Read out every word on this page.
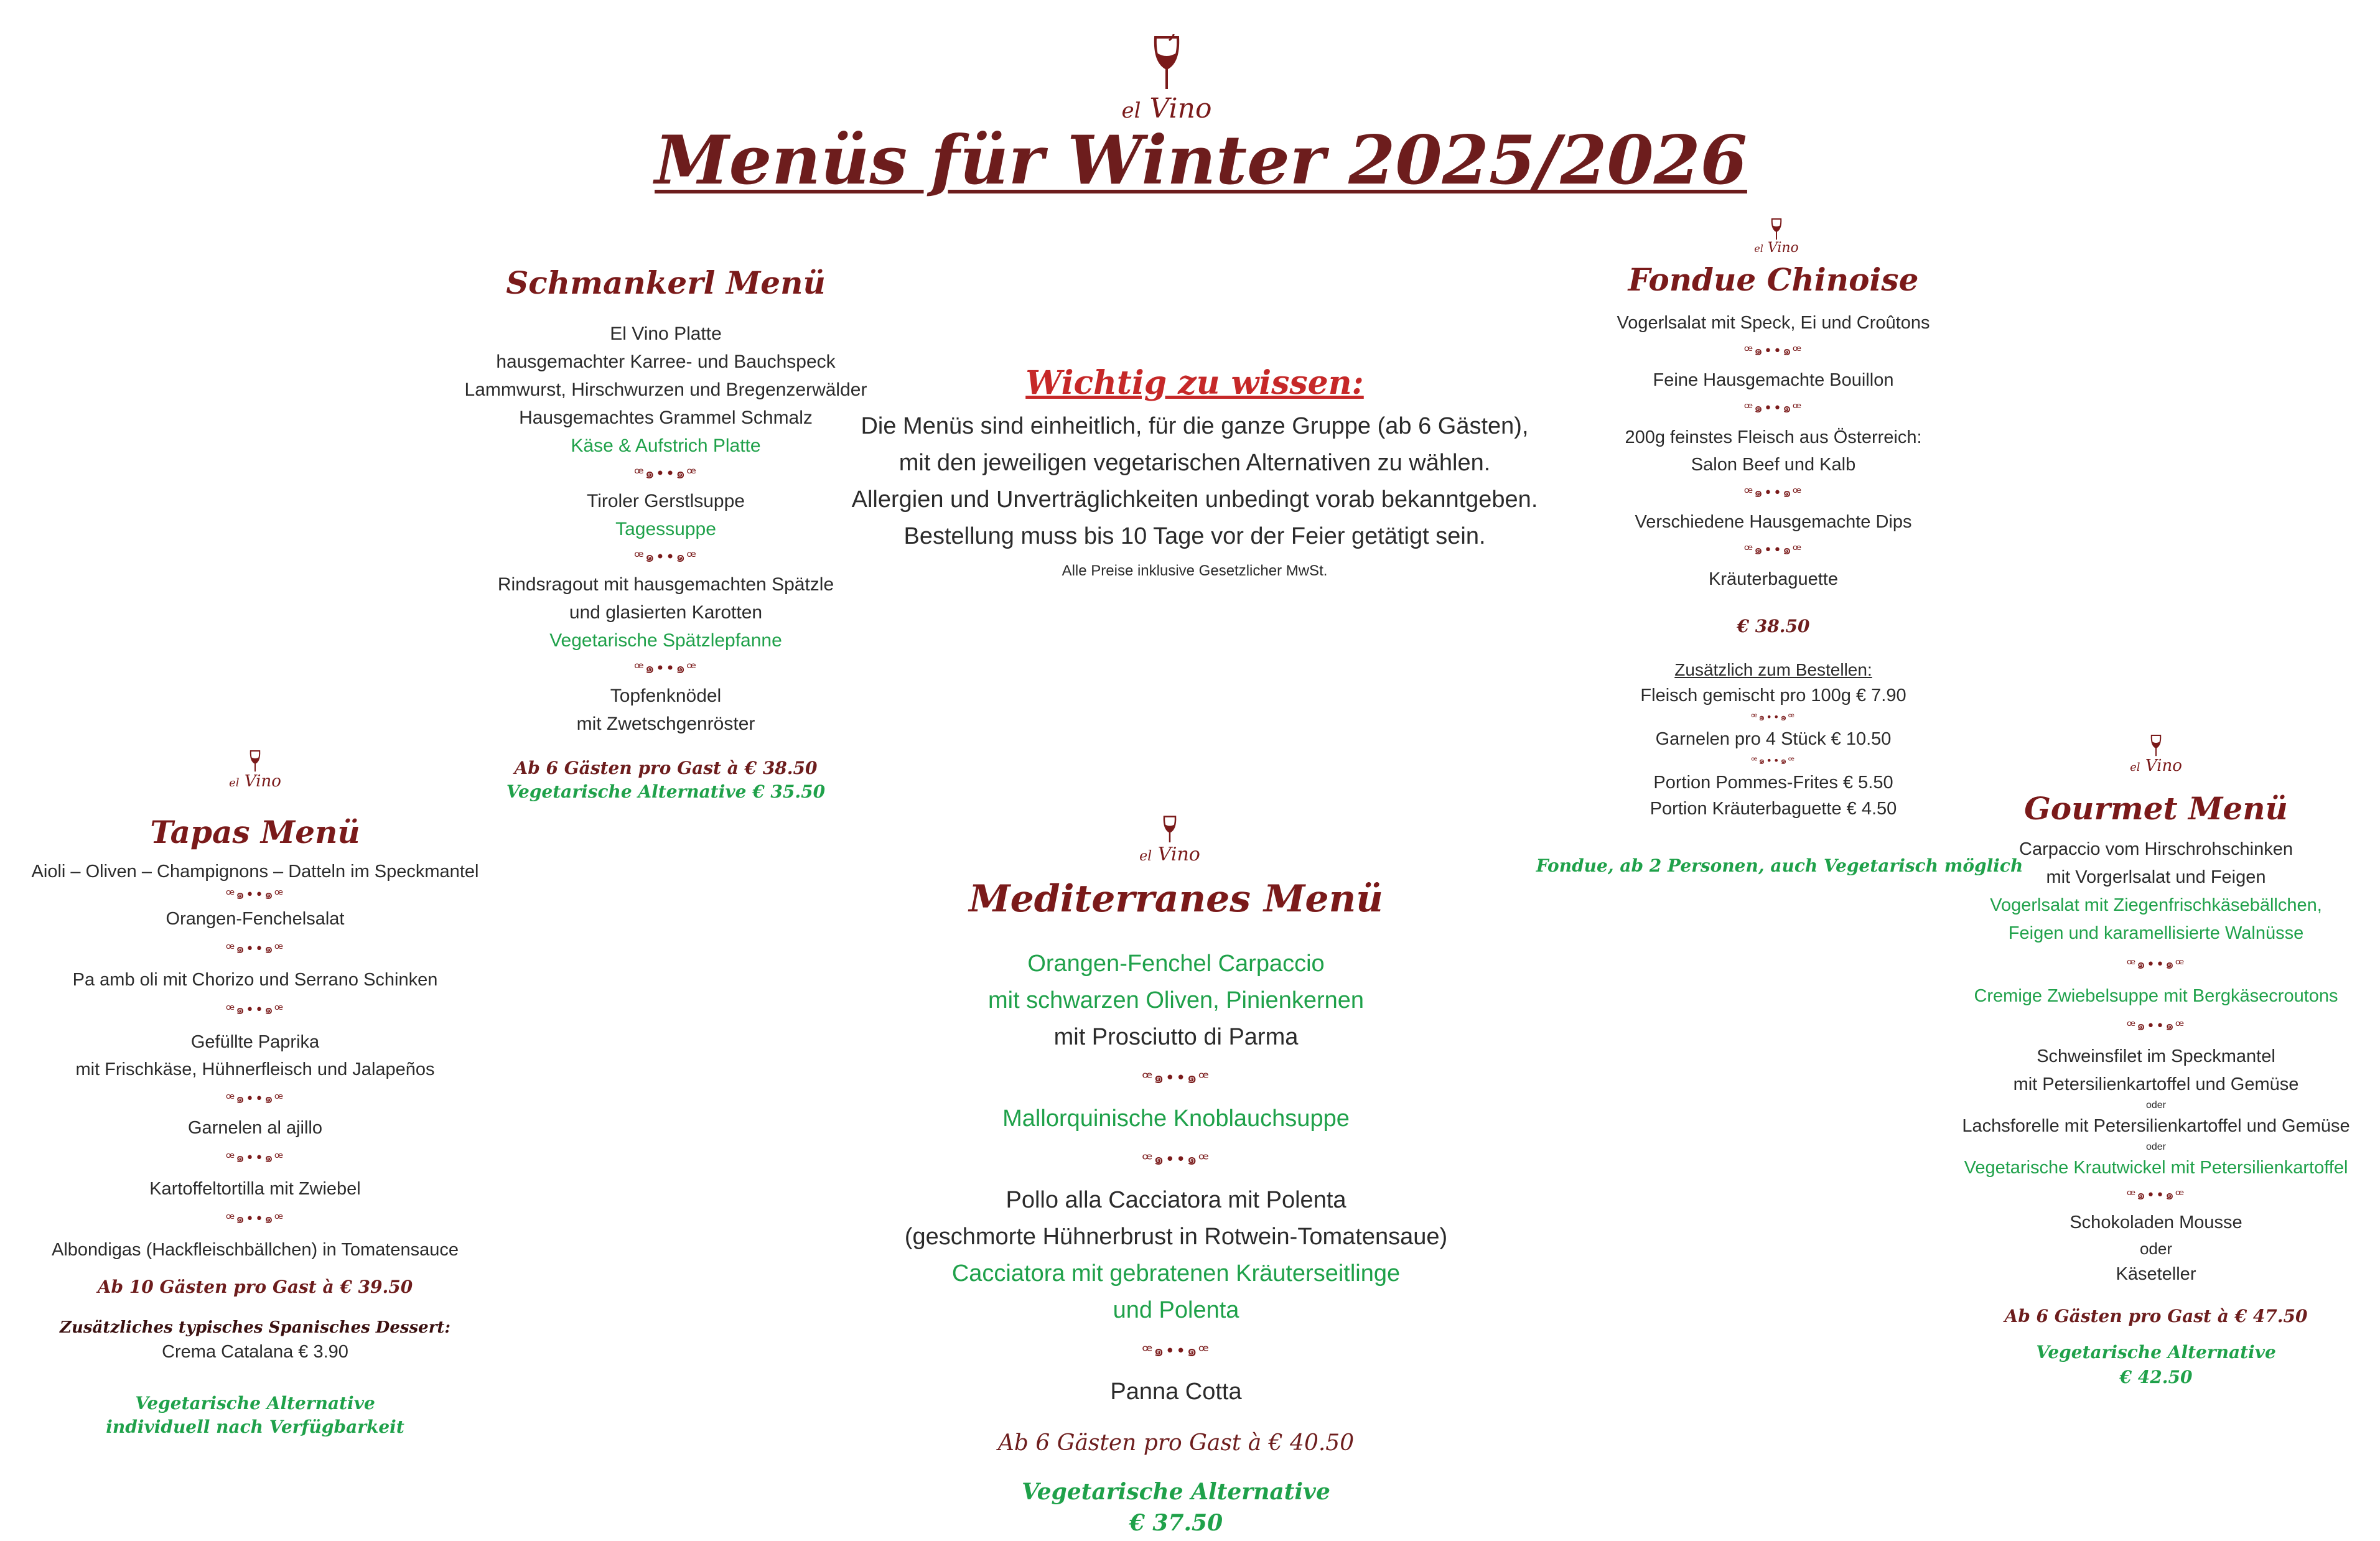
el Vino
Menüs für Winter 2025/2026
Schmankerl Menü
El Vino Platte
hausgemachter Karree- und Bauchspeck
Lammwurst, Hirschwurzen und Bregenzerwälder
Hausgemachtes Grammel Schmalz
Käse & Aufstrich Platte
ꟹ๑••๑ꟹ
Tiroler Gerstlsuppe
Tagessuppe
ꟹ๑••๑ꟹ
Rindsragout mit hausgemachten Spätzle
und glasierten Karotten
Vegetarische Spätzlepfanne
ꟹ๑••๑ꟹ
Topfenknödel
mit Zwetschgenröster
Ab 6 Gästen pro Gast à € 38.50
Vegetarische Alternative € 35.50
Wichtig zu wissen:
Die Menüs sind einheitlich, für die ganze Gruppe (ab 6 Gästen),
mit den jeweiligen vegetarischen Alternativen zu wählen.
Allergien und Unverträglichkeiten unbedingt vorab bekanntgeben.
Bestellung muss bis 10 Tage vor der Feier getätigt sein.
Alle Preise inklusive Gesetzlicher MwSt.
el Vino
Fondue Chinoise
Vogerlsalat mit Speck, Ei und Croûtons
ꟹ๑••๑ꟹ
Feine Hausgemachte Bouillon
ꟹ๑••๑ꟹ
200g feinstes Fleisch aus Österreich:
Salon Beef und Kalb
ꟹ๑••๑ꟹ
Verschiedene Hausgemachte Dips
ꟹ๑••๑ꟹ
Kräuterbaguette
€ 38.50
Zusätzlich zum Bestellen:
Fleisch gemischt pro 100g € 7.90
ꟹ๑••๑ꟹ
Garnelen pro 4 Stück € 10.50
ꟹ๑••๑ꟹ
Portion Pommes-Frites € 5.50
Portion Kräuterbaguette € 4.50
Fondue, ab 2 Personen, auch Vegetarisch möglich
el Vino
Tapas Menü
Aioli – Oliven – Champignons – Datteln im Speckmantel
ꟹ๑••๑ꟹ
Orangen-Fenchelsalat
ꟹ๑••๑ꟹ
Pa amb oli mit Chorizo und Serrano Schinken
ꟹ๑••๑ꟹ
Gefüllte Paprika
mit Frischkäse, Hühnerfleisch und Jalapeños
ꟹ๑••๑ꟹ
Garnelen al ajillo
ꟹ๑••๑ꟹ
Kartoffeltortilla mit Zwiebel
ꟹ๑••๑ꟹ
Albondigas (Hackfleischbällchen) in Tomatensauce
Ab 10 Gästen pro Gast à € 39.50
Zusätzliches typisches Spanisches Dessert:
Crema Catalana € 3.90
Vegetarische Alternative
individuell nach Verfügbarkeit
el Vino
Mediterranes Menü
Orangen-Fenchel Carpaccio
mit schwarzen Oliven, Pinienkernen
mit Prosciutto di Parma
ꟹ๑••๑ꟹ
Mallorquinische Knoblauchsuppe
ꟹ๑••๑ꟹ
Pollo alla Cacciatora mit Polenta
(geschmorte Hühnerbrust in Rotwein-Tomatensaue)
Cacciatora mit gebratenen Kräuterseitlinge
und Polenta
ꟹ๑••๑ꟹ
Panna Cotta
Ab 6 Gästen pro Gast à € 40.50
Vegetarische Alternative
€ 37.50
el Vino
Gourmet Menü
Carpaccio vom Hirschrohschinken
mit Vorgerlsalat und Feigen
Vogerlsalat mit Ziegenfrischkäsebällchen,
Feigen und karamellisierte Walnüsse
ꟹ๑••๑ꟹ
Cremige Zwiebelsuppe mit Bergkäsecroutons
ꟹ๑••๑ꟹ
Schweinsfilet im Speckmantel
mit Petersilienkartoffel und Gemüse
oder
Lachsforelle mit Petersilienkartoffel und Gemüse
oder
Vegetarische Krautwickel mit Petersilienkartoffel
ꟹ๑••๑ꟹ
Schokoladen Mousse
oder
Käseteller
Ab 6 Gästen pro Gast à € 47.50
Vegetarische Alternative
€ 42.50
